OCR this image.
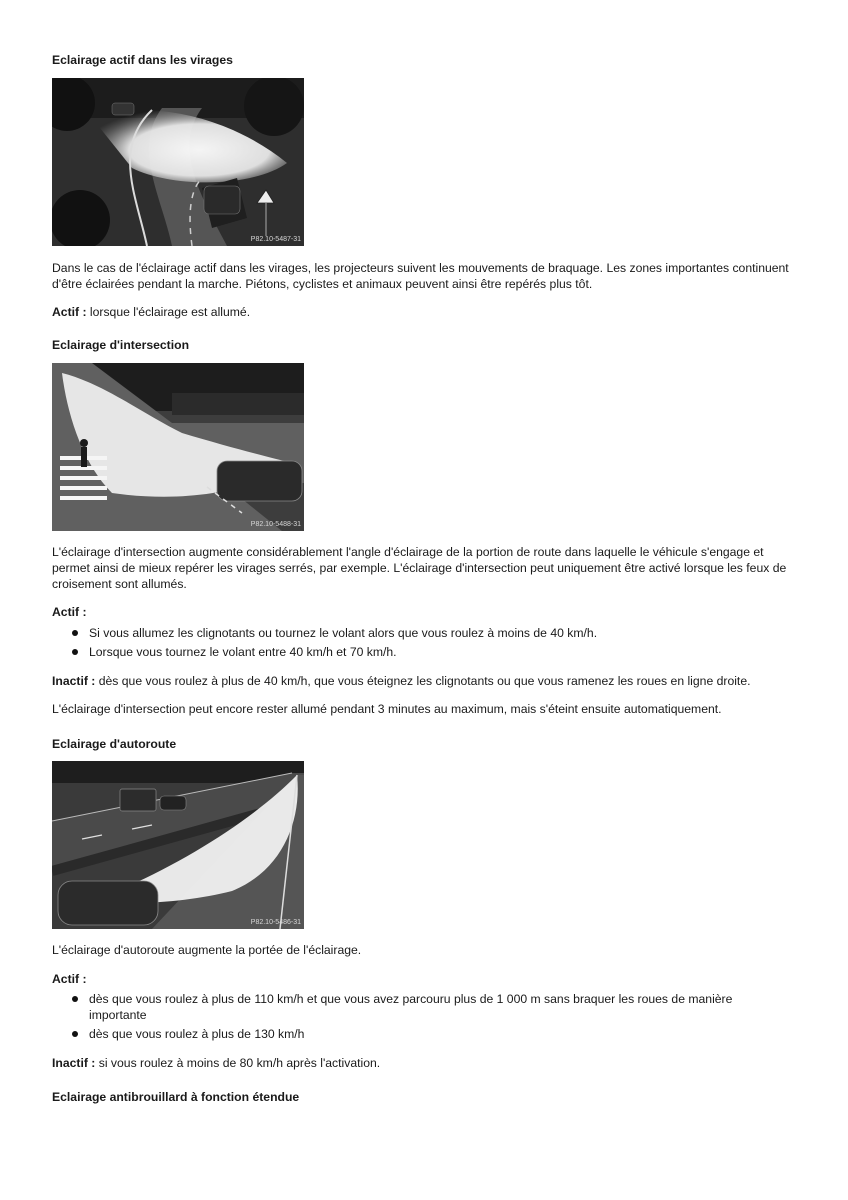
Eclairage actif dans les virages
P82.10-5487-31
Dans le cas de l'éclairage actif dans les virages, les projecteurs suivent les mouvements de braquage. Les zones importantes continuent d'être éclairées pendant la marche. Piétons, cyclistes et animaux peuvent ainsi être repérés plus tôt.
Actif : lorsque l'éclairage est allumé.
Eclairage d'intersection
P82.10-5488-31
L'éclairage d'intersection augmente considérablement l'angle d'éclairage de la portion de route dans laquelle le véhicule s'engage et permet ainsi de mieux repérer les virages serrés, par exemple. L'éclairage d'intersection peut uniquement être activé lorsque les feux de croisement sont allumés.
Actif :
Si vous allumez les clignotants ou tournez le volant alors que vous roulez à moins de 40 km/h.
Lorsque vous tournez le volant entre 40 km/h et 70 km/h.
Inactif : dès que vous roulez à plus de 40 km/h, que vous éteignez les clignotants ou que vous ramenez les roues en ligne droite.
L'éclairage d'intersection peut encore rester allumé pendant 3 minutes au maximum, mais s'éteint ensuite automatiquement.
Eclairage d'autoroute
P82.10-5486-31
L'éclairage d'autoroute augmente la portée de l'éclairage.
Actif :
dès que vous roulez à plus de 110 km/h et que vous avez parcouru plus de 1 000 m sans braquer les roues de manière importante
dès que vous roulez à plus de 130 km/h
Inactif : si vous roulez à moins de 80 km/h après l'activation.
Eclairage antibrouillard à fonction étendue
